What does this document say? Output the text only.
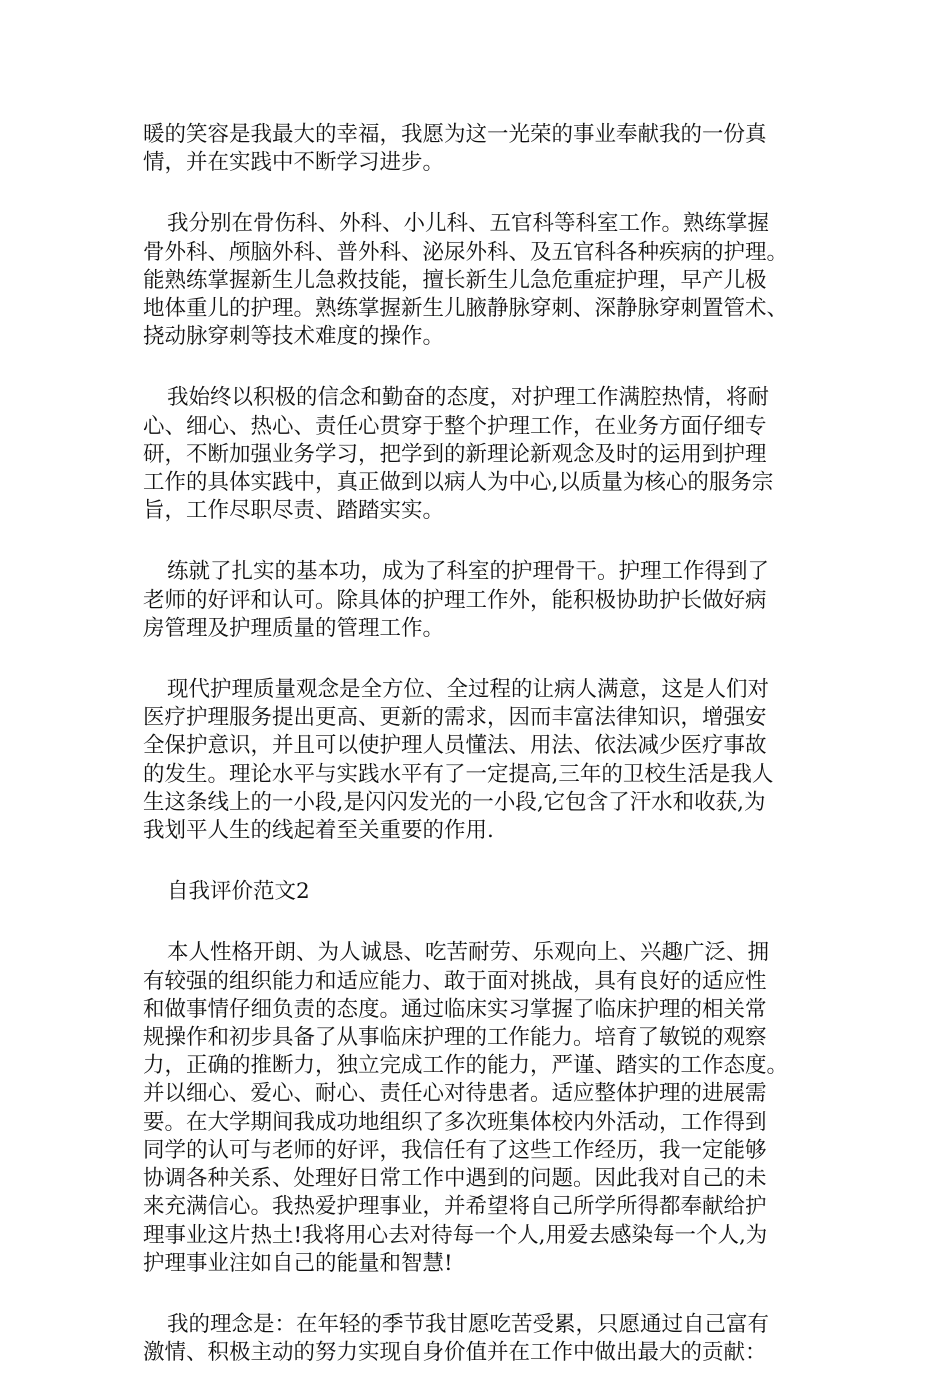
暖的笑容是我最大的幸福，我愿为这一光荣的事业奉献我的一份真
情，并在实践中不断学习进步。
我分别在骨伤科、外科、小儿科、五官科等科室工作。熟练掌握
骨外科、颅脑外科、普外科、泌尿外科、及五官科各种疾病的护理。
能熟练掌握新生儿急救技能，擅长新生儿急危重症护理，早产儿极
地体重儿的护理。熟练掌握新生儿腋静脉穿刺、深静脉穿刺置管术、
挠动脉穿刺等技术难度的操作。
我始终以积极的信念和勤奋的态度，对护理工作满腔热情，将耐
心、细心、热心、责任心贯穿于整个护理工作，在业务方面仔细专
研，不断加强业务学习，把学到的新理论新观念及时的运用到护理
工作的具体实践中，真正做到以病人为中心,以质量为核心的服务宗
旨，工作尽职尽责、踏踏实实。
练就了扎实的基本功，成为了科室的护理骨干。护理工作得到了
老师的好评和认可。除具体的护理工作外，能积极协助护长做好病
房管理及护理质量的管理工作。
现代护理质量观念是全方位、全过程的让病人满意，这是人们对
医疗护理服务提出更高、更新的需求，因而丰富法律知识，增强安
全保护意识，并且可以使护理人员懂法、用法、依法减少医疗事故
的发生。理论水平与实践水平有了一定提高,三年的卫校生活是我人
生这条线上的一小段,是闪闪发光的一小段,它包含了汗水和收获,为
我划平人生的线起着至关重要的作用.
自我评价范文2
本人性格开朗、为人诚恳、吃苦耐劳、乐观向上、兴趣广泛、拥
有较强的组织能力和适应能力、敢于面对挑战，具有良好的适应性
和做事情仔细负责的态度。通过临床实习掌握了临床护理的相关常
规操作和初步具备了从事临床护理的工作能力。培育了敏锐的观察
力，正确的推断力，独立完成工作的能力，严谨、踏实的工作态度。
并以细心、爱心、耐心、责任心对待患者。适应整体护理的进展需
要。在大学期间我成功地组织了多次班集体校内外活动，工作得到
同学的认可与老师的好评，我信任有了这些工作经历，我一定能够
协调各种关系、处理好日常工作中遇到的问题。因此我对自己的未
来充满信心。我热爱护理事业，并希望将自己所学所得都奉献给护
理事业这片热土!我将用心去对待每一个人,用爱去感染每一个人,为
护理事业注如自己的能量和智慧!
我的理念是：在年轻的季节我甘愿吃苦受累，只愿通过自己富有
激情、积极主动的努力实现自身价值并在工作中做出最大的贡献：
